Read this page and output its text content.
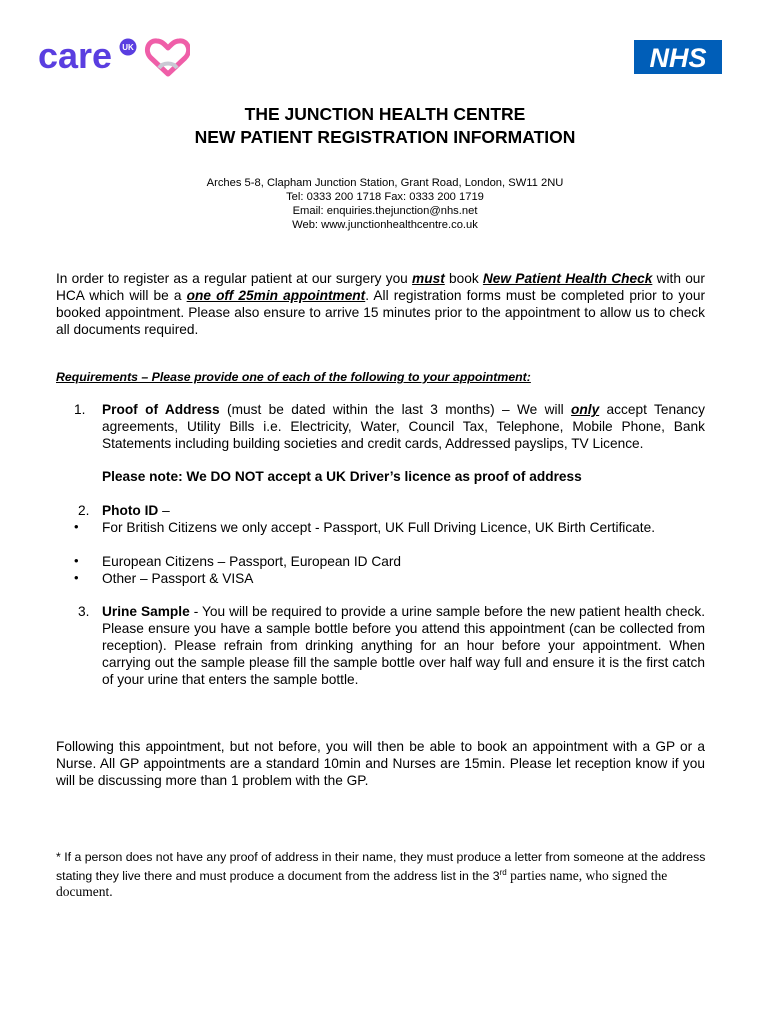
care UK	NHS
THE JUNCTION HEALTH CENTRE
NEW PATIENT REGISTRATION INFORMATION
Arches 5-8, Clapham Junction Station, Grant Road, London, SW11 2NU
Tel: 0333 200 1718 Fax: 0333 200 1719
Email: enquiries.thejunction@nhs.net
Web: www.junctionhealthcentre.co.uk
In order to register as a regular patient at our surgery you must book New Patient Health Check with our HCA which will be a one off 25min appointment. All registration forms must be completed prior to your booked appointment. Please also ensure to arrive 15 minutes prior to the appointment to allow us to check all documents required.
Requirements – Please provide one of each of the following to your appointment:
1. Proof of Address (must be dated within the last 3 months) – We will only accept Tenancy agreements, Utility Bills i.e. Electricity, Water, Council Tax, Telephone, Mobile Phone, Bank Statements including building societies and credit cards, Addressed payslips, TV Licence.
Please note: We DO NOT accept a UK Driver’s licence as proof of address
2. Photo ID –
• For British Citizens we only accept - Passport, UK Full Driving Licence, UK Birth Certificate.
• European Citizens – Passport, European ID Card
• Other – Passport & VISA
3. Urine Sample - You will be required to provide a urine sample before the new patient health check. Please ensure you have a sample bottle before you attend this appointment (can be collected from reception). Please refrain from drinking anything for an hour before your appointment. When carrying out the sample please fill the sample bottle over half way full and ensure it is the first catch of your urine that enters the sample bottle.
Following this appointment, but not before, you will then be able to book an appointment with a GP or a Nurse. All GP appointments are a standard 10min and Nurses are 15min. Please let reception know if you will be discussing more than 1 problem with the GP.
* If a person does not have any proof of address in their name, they must produce a letter from someone at the address stating they live there and must produce a document from the address list in the 3rd parties name, who signed the document.
